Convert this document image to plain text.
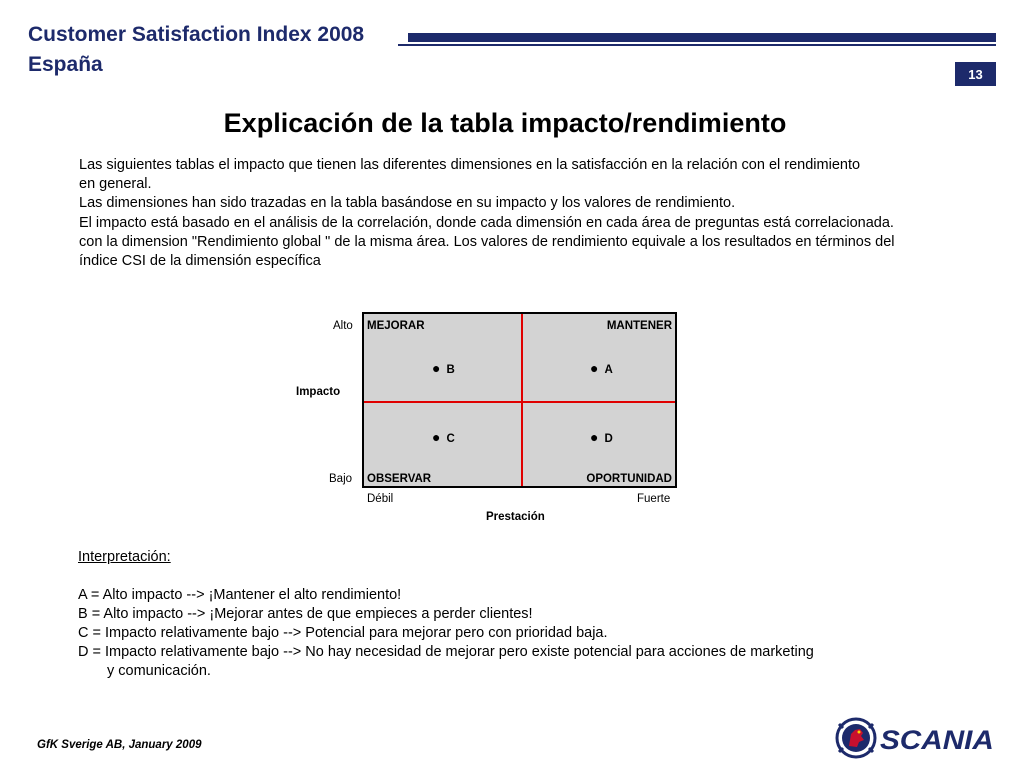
Customer Satisfaction Index 2008
España	13
Explicación de la tabla impacto/rendimiento
Las siguientes tablas el impacto que tienen las diferentes dimensiones en la satisfacción en la relación con el rendimiento
en general.
Las dimensiones han sido trazadas en la tabla basándose en su impacto y los valores de rendimiento.
El impacto está basado en el análisis de la correlación, donde cada dimensión en cada área de preguntas está correlacionada.
con la dimension "Rendimiento global " de la misma área. Los valores de rendimiento equivale a los resultados en términos del
índice CSI de la dimensión específica
Alto
Impacto
Bajo
MEJORAR	MANTENER
OBSERVAR	OPORTUNIDAD
● B	● A
● C	● D
Débil	Fuerte
Prestación
Interpretación:
A = Alto impacto --> ¡Mantener el alto rendimiento!
B = Alto impacto --> ¡Mejorar antes de que empieces a perder clientes!
C = Impacto relativamente bajo --> Potencial para mejorar pero con prioridad baja.
D = Impacto relativamente bajo --> No hay necesidad de mejorar pero existe potencial para acciones de marketing
y comunicación.
GfK Sverige AB, January 2009	SCANIA
